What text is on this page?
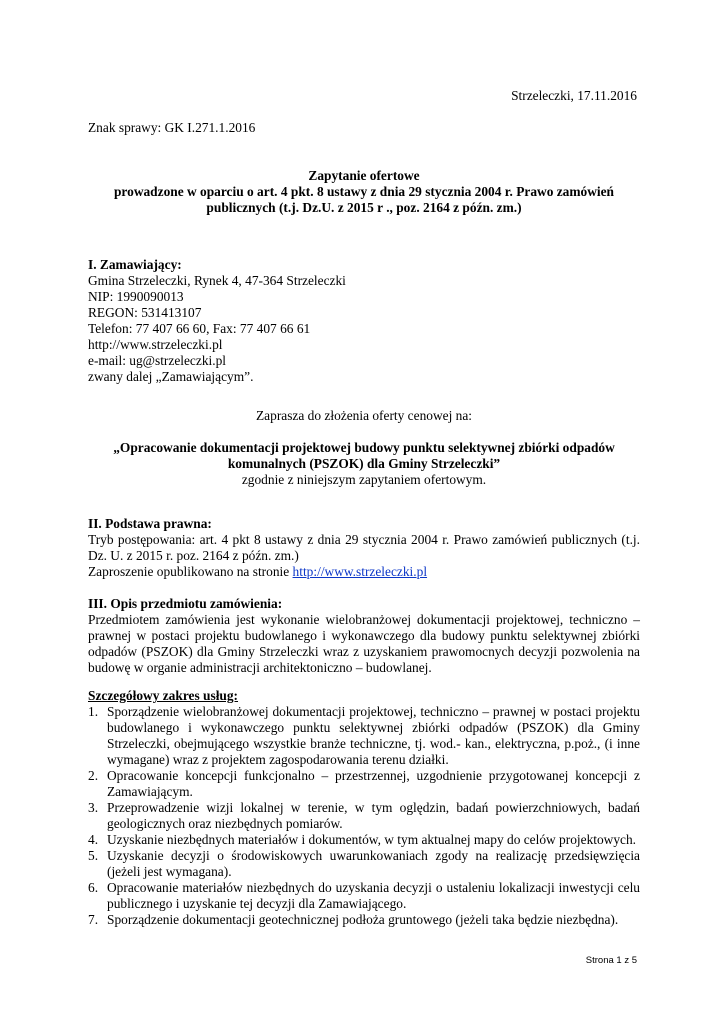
Strzeleczki, 17.11.2016
Znak sprawy: GK I.271.1.2016
Zapytanie ofertowe
prowadzone w oparciu o art. 4 pkt. 8 ustawy z dnia 29 stycznia 2004 r. Prawo zamówień
publicznych (t.j. Dz.U. z 2015 r ., poz. 2164 z późn. zm.)
I. Zamawiający:
Gmina Strzeleczki, Rynek 4, 47-364 Strzeleczki
NIP: 1990090013
REGON: 531413107
Telefon: 77 407 66 60, Fax: 77 407 66 61
http://www.strzeleczki.pl
e-mail: ug@strzeleczki.pl
zwany dalej „Zamawiającym”.
Zaprasza do złożenia oferty cenowej na:
„Opracowanie dokumentacji projektowej budowy punktu selektywnej zbiórki odpadów
komunalnych (PSZOK) dla Gminy Strzeleczki”
zgodnie z niniejszym zapytaniem ofertowym.
II. Podstawa prawna:
Tryb postępowania: art. 4 pkt 8 ustawy z dnia 29 stycznia 2004 r. Prawo zamówień publicznych (t.j. Dz. U. z 2015 r. poz. 2164 z późn. zm.)
Zaproszenie opublikowano na stronie http://www.strzeleczki.pl
III. Opis przedmiotu zamówienia:
Przedmiotem zamówienia jest wykonanie wielobranżowej dokumentacji projektowej, techniczno – prawnej w postaci projektu budowlanego i wykonawczego dla budowy punktu selektywnej zbiórki odpadów (PSZOK) dla Gminy Strzeleczki wraz z uzyskaniem prawomocnych decyzji pozwolenia na budowę w organie administracji architektoniczno – budowlanej.
Szczegółowy zakres usług:
1. Sporządzenie wielobranżowej dokumentacji projektowej, techniczno – prawnej w postaci projektu budowlanego i wykonawczego punktu selektywnej zbiórki odpadów (PSZOK) dla Gminy Strzeleczki, obejmującego wszystkie branże techniczne, tj. wod.- kan., elektryczna, p.poż., (i inne wymagane) wraz z projektem zagospodarowania terenu działki.
2. Opracowanie koncepcji funkcjonalno – przestrzennej, uzgodnienie przygotowanej koncepcji z Zamawiającym.
3. Przeprowadzenie wizji lokalnej w terenie, w tym oględzin, badań powierzchniowych, badań geologicznych oraz niezbędnych pomiarów.
4. Uzyskanie niezbędnych materiałów i dokumentów, w tym aktualnej mapy do celów projektowych.
5. Uzyskanie decyzji o środowiskowych uwarunkowaniach zgody na realizację przedsięwzięcia (jeżeli jest wymagana).
6. Opracowanie materiałów niezbędnych do uzyskania decyzji o ustaleniu lokalizacji inwestycji celu publicznego i uzyskanie tej decyzji dla Zamawiającego.
7. Sporządzenie dokumentacji geotechnicznej podłoża gruntowego (jeżeli taka będzie niezbędna).
Strona 1 z 5
